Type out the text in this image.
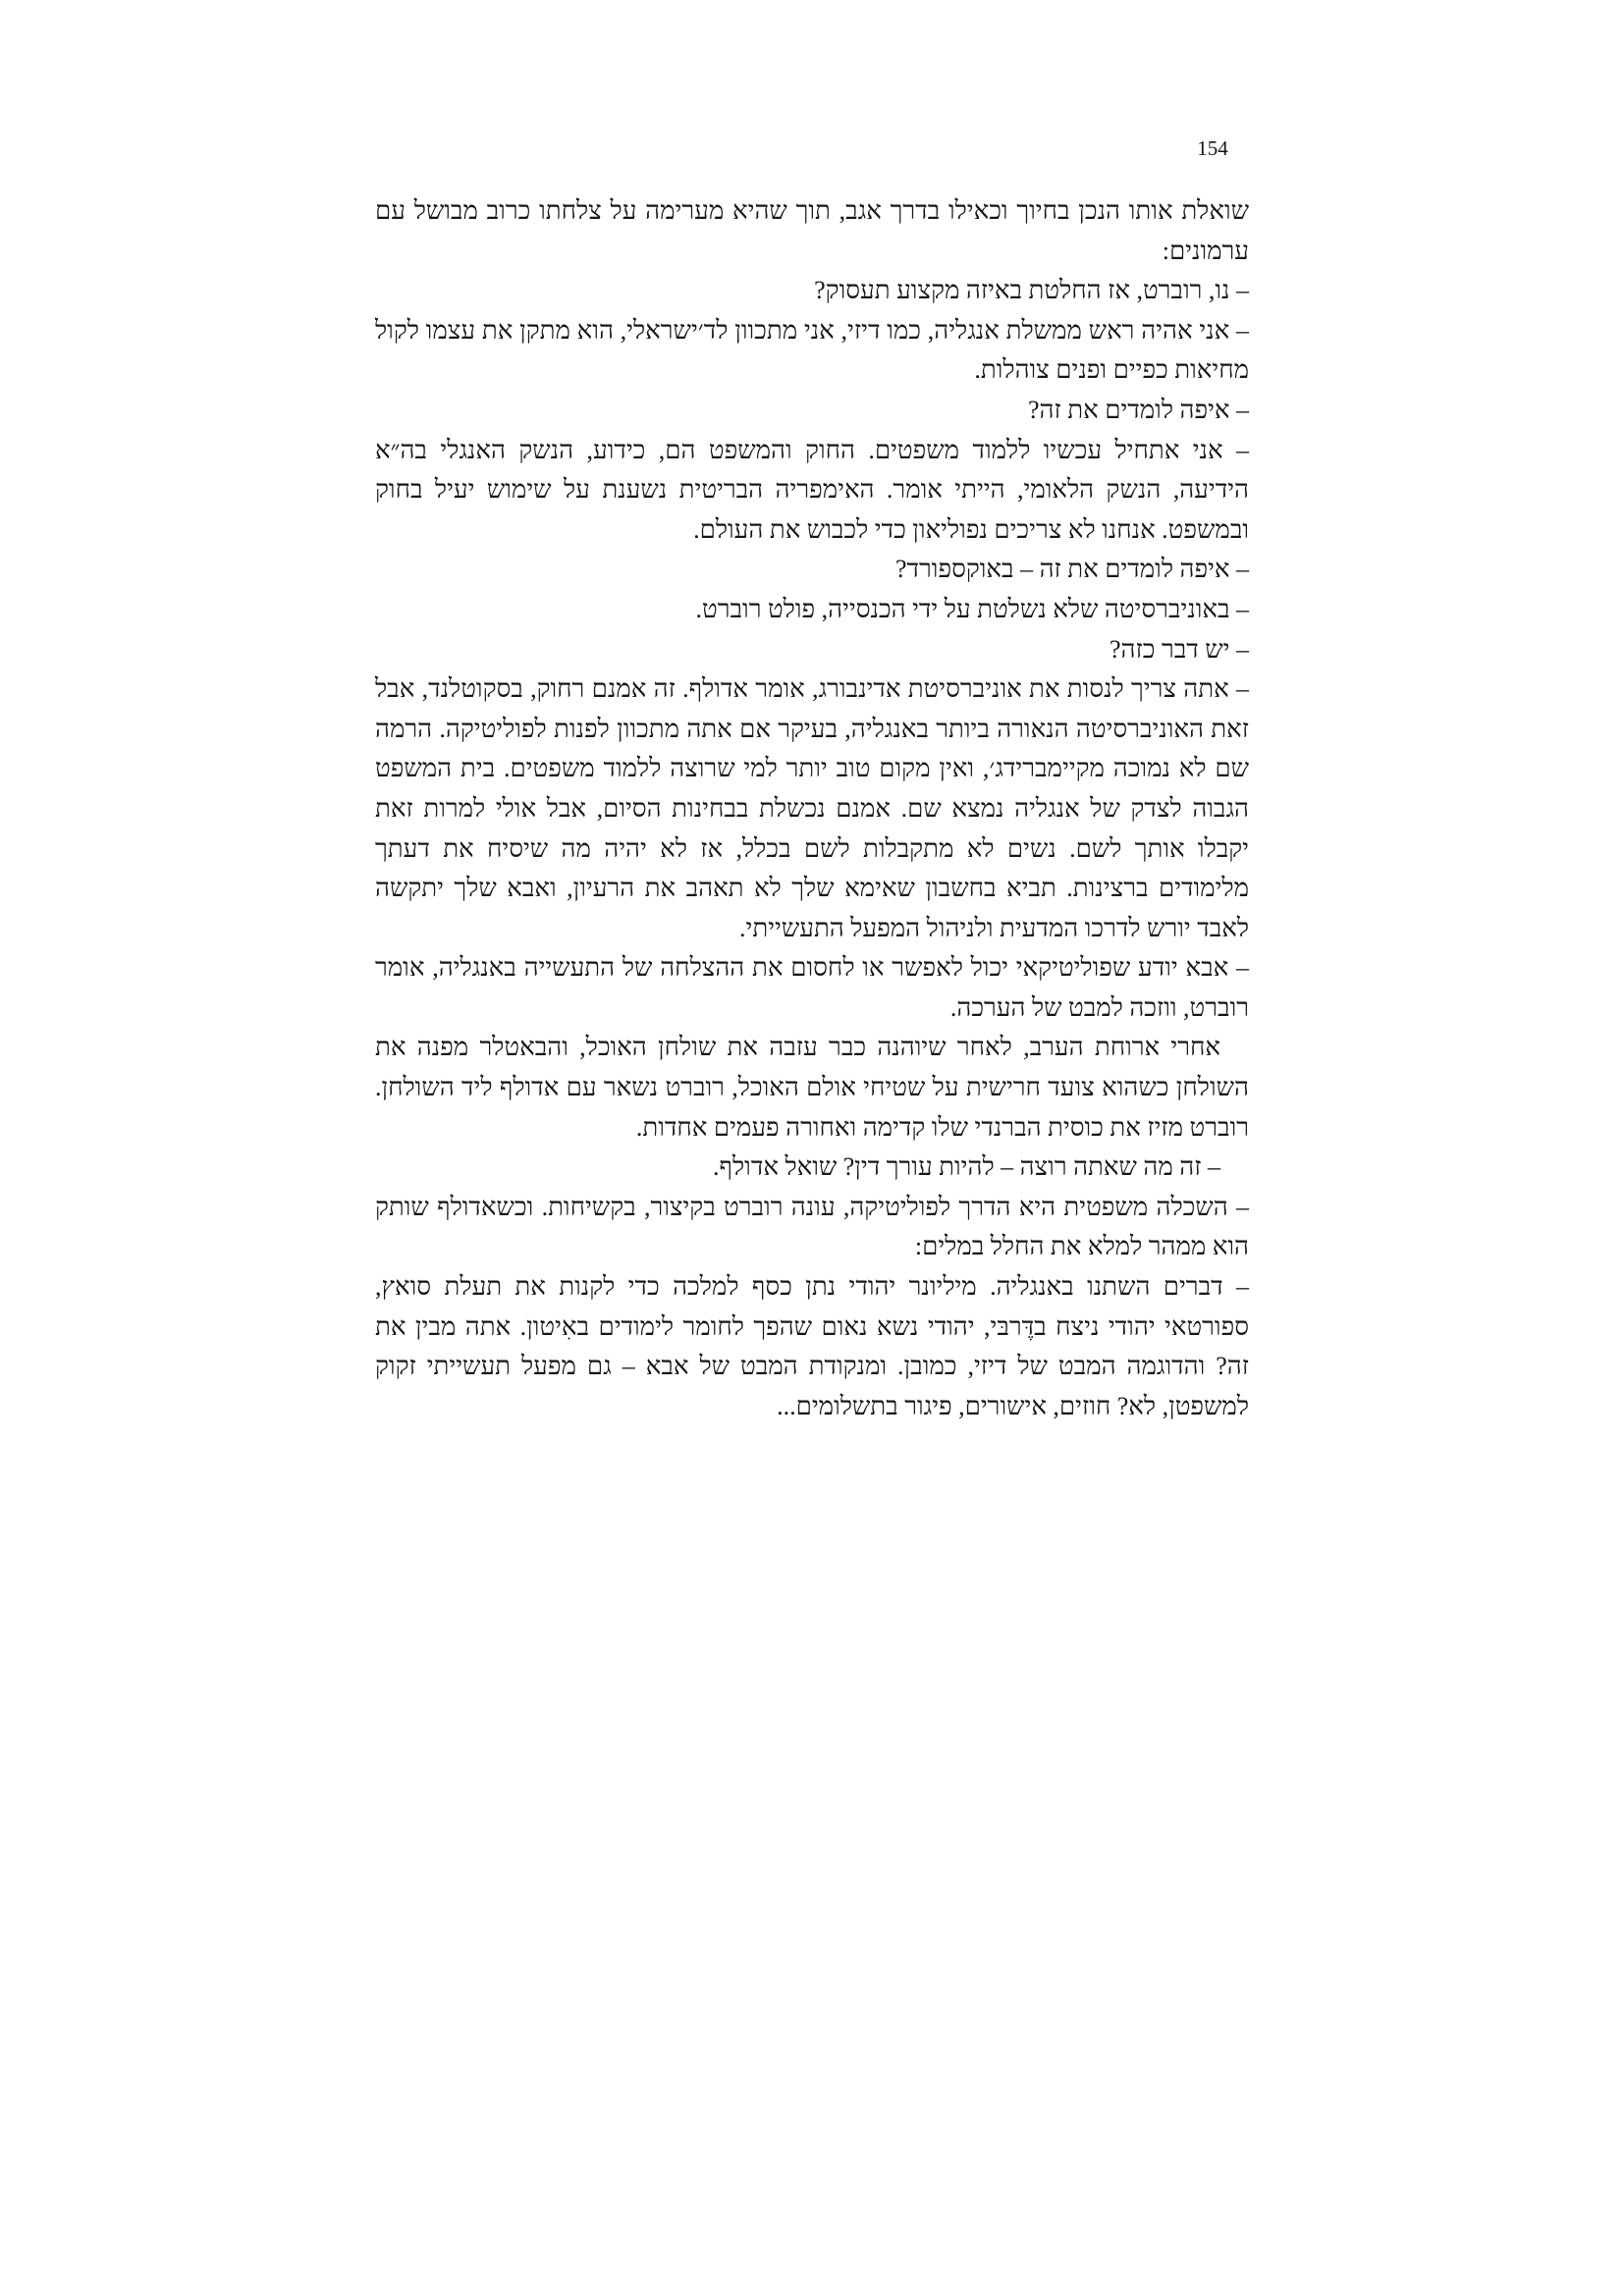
154

שואלת אותו הנכן בחיוך וכאילו בדרך אגב, תוך שהיא מערימה על צלחתו כרוב מבושל עם ערמונים:

– נו, רוברט, אז החלטת באיזה מקצוע תעסוק?

– אני אהיה ראש ממשלת אנגליה, כמו דיזי, אני מתכוון לד׳ישראלי, הוא מתקן את עצמו לקול מחיאות כפיים ופנים צוהלות.

– איפה לומדים את זה?

– אני אתחיל עכשיו ללמוד משפטים. החוק והמשפט הם, כידוע, הנשק האנגלי בה״א הידיעה, הנשק הלאומי, הייתי אומר. האימפריה הבריטית נשענת על שימוש יעיל בחוק ובמשפט. אנחנו לא צריכים נפוליאון כדי לכבוש את העולם.

– איפה לומדים את זה – באוקספורד?

– באוניברסיטה שלא נשלטת על ידי הכנסייה, פולט רוברט.

– יש דבר כזה?

– אתה צריך לנסות את אוניברסיטת אדינבורג, אומר אדולף. זה אמנם רחוק, בסקוטלנד, אבל זאת האוניברסיטה הנאורה ביותר באנגליה, בעיקר אם אתה מתכוון לפנות לפוליטיקה. הרמה שם לא נמוכה מקיימברידג׳, ואין מקום טוב יותר למי שרוצה ללמוד משפטים. בית המשפט הגבוה לצדק של אנגליה נמצא שם. אמנם נכשלת בבחינות הסיום, אבל אולי למרות זאת יקבלו אותך לשם. נשים לא מתקבלות לשם בכלל, אז לא יהיה מה שיסיח את דעתך מלימודים ברצינות. תביא בחשבון שאימא שלך לא תאהב את הרעיון, ואבא שלך יתקשה לאבד יורש לדרכו המדעית ולניהול המפעל התעשייתי.

– אבא יודע שפוליטיקאי יכול לאפשר או לחסום את ההצלחה של התעשייה באנגליה, אומר רוברט, ווזכה למבט של הערכה.

אחרי ארוחת הערב, לאחר שיוהנה כבר עזבה את שולחן האוכל, והבאטלר מפנה את השולחן כשהוא צועד חרישית על שטיחי אולם האוכל, רוברט נשאר עם אדולף ליד השולחן. רוברט מזיז את כוסית הברנדי שלו קדימה ואחורה פעמים אחדות.

– זה מה שאתה רוצה – להיות עורך דין? שואל אדולף.

– השכלה משפטית היא הדרך לפוליטיקה, עונה רוברט בקיצור, בקשיחות. וכשאדולף שותק הוא ממהר למלא את החלל במלים:

– דברים השתנו באנגליה. מיליונר יהודי נתן כסף למלכה כדי לקנות את תעלת סואץ, ספורטאי יהודי ניצח בדֶּרבּי, יהודי נשא נאום שהפך לחומר לימודים באִיטון. אתה מבין את זה? והדוגמה המבט של דיזי, כמובן. ומנקודת המבט של אבא – גם מפעל תעשייתי זקוק למשפטן, לא? חוזים, אישורים, פיגור בתשלומים...
